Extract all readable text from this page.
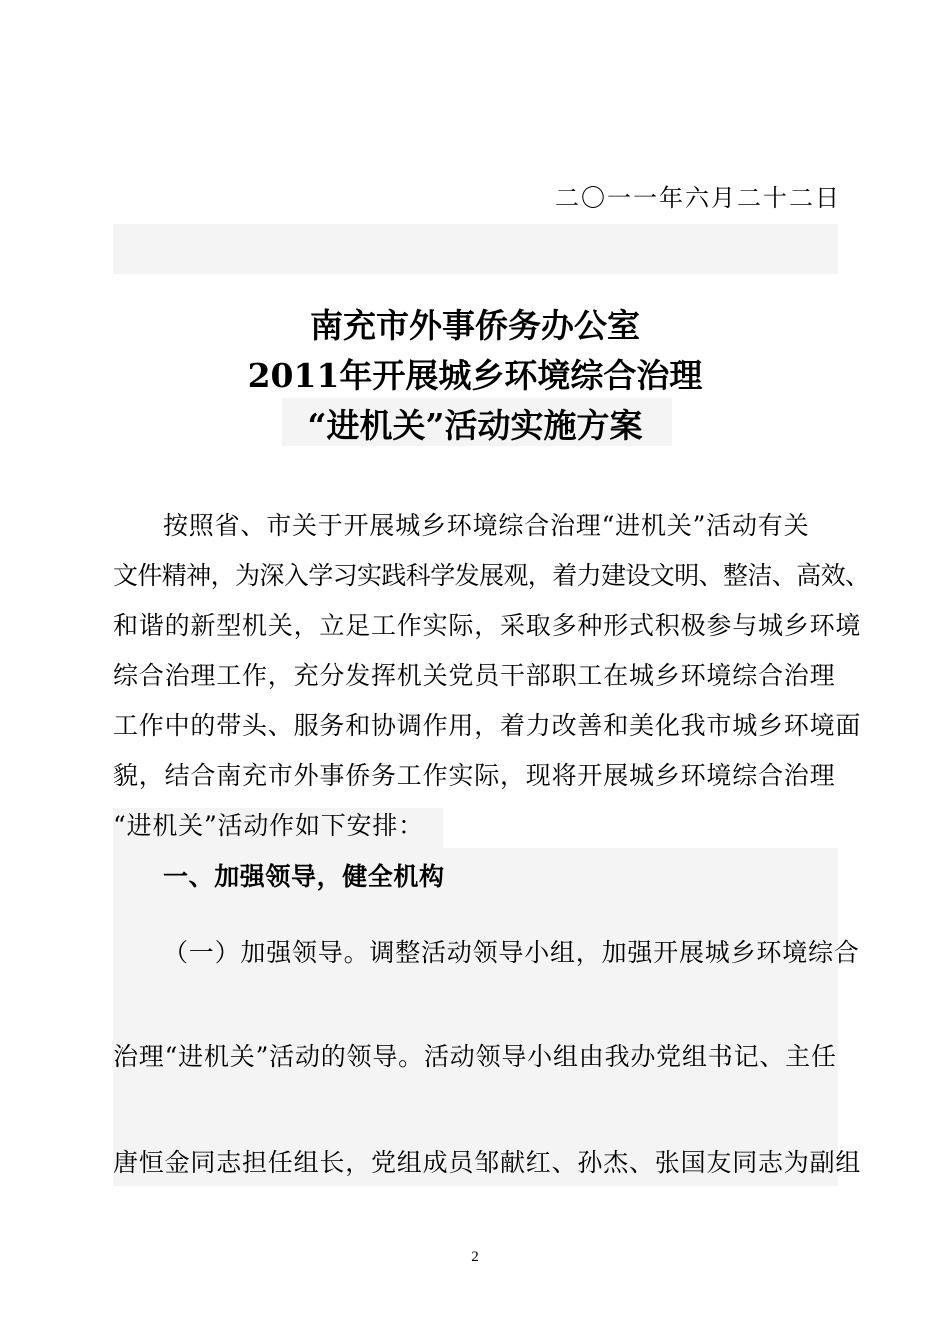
二〇一一年六月二十二日
南充市外事侨务办公室
2011年开展城乡环境综合治理
“进机关”活动实施方案
按照省、市关于开展城乡环境综合治理“进机关”活动有关
文件精神，为深入学习实践科学发展观，着力建设文明、整洁、高效、
和谐的新型机关，立足工作实际，采取多种形式积极参与城乡环境
综合治理工作，充分发挥机关党员干部职工在城乡环境综合治理
工作中的带头、服务和协调作用，着力改善和美化我市城乡环境面
貌，结合南充市外事侨务工作实际，现将开展城乡环境综合治理
“进机关”活动作如下安排：
一、加强领导，健全机构
（一）加强领导。调整活动领导小组，加强开展城乡环境综合
治理“进机关”活动的领导。活动领导小组由我办党组书记、主任
唐恒金同志担任组长，党组成员邹献红、孙杰、张国友同志为副组
2
